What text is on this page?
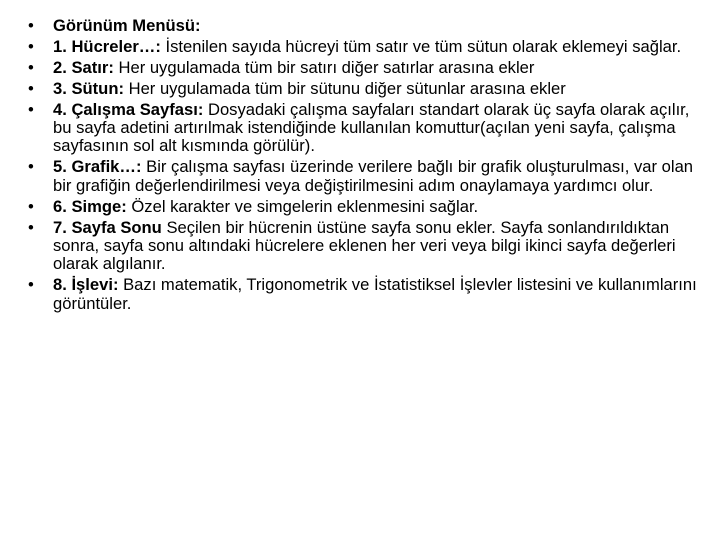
•	Görünüm Menüsü:
•	1. Hücreler…: İstenilen sayıda hücreyi tüm satır ve tüm sütun olarak eklemeyi sağlar.
•	2. Satır: Her uygulamada tüm bir satırı diğer satırlar arasına ekler
•	3. Sütun: Her uygulamada tüm bir sütunu diğer sütunlar arasına ekler
•	4. Çalışma Sayfası: Dosyadaki çalışma sayfaları standart olarak üç sayfa olarak açılır, bu sayfa adetini artırılmak istendiğinde kullanılan komuttur(açılan yeni sayfa, çalışma sayfasının sol alt kısmında görülür).
•	5. Grafik…: Bir çalışma sayfası üzerinde verilere bağlı bir grafik oluşturulması, var olan bir grafiğin değerlendirilmesi veya değiştirilmesini adım onaylamaya yardımcı olur.
•	6. Simge: Özel karakter ve simgelerin eklenmesini sağlar.
•	7. Sayfa Sonu Seçilen bir hücrenin üstüne sayfa sonu ekler. Sayfa sonlandırıldıktan sonra, sayfa sonu altındaki hücrelere eklenen her veri veya bilgi ikinci sayfa değerleri olarak algılanır.
•	8. İşlevi: Bazı matematik, Trigonometrik ve İstatistiksel İşlevler listesini ve kullanımlarını görüntüler.
